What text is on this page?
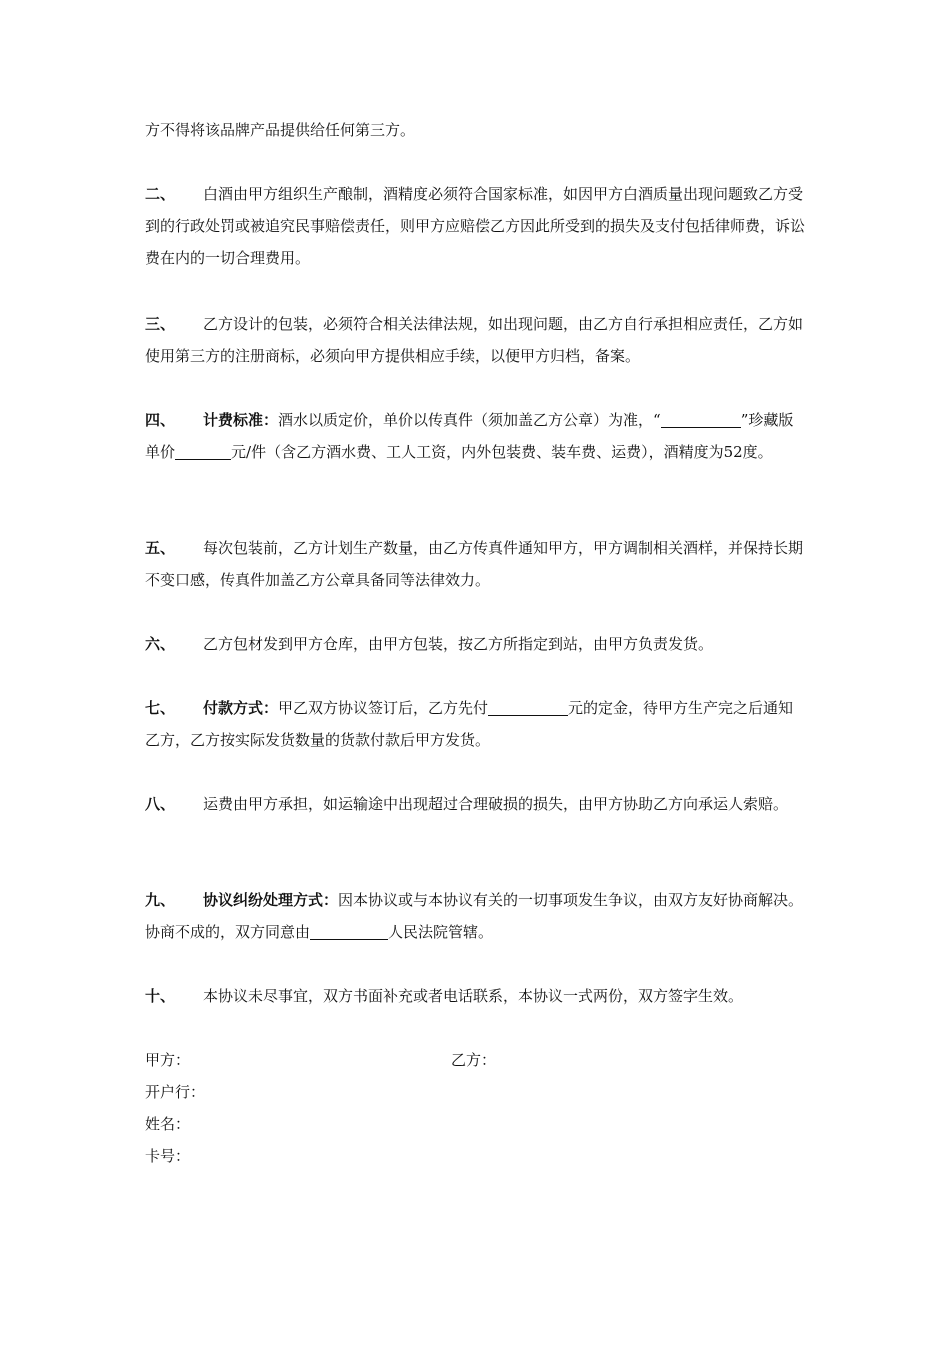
方不得将该品牌产品提供给任何第三方。
二、 白酒由甲方组织生产酿制，酒精度必须符合国家标准，如因甲方白酒质量出现问题致乙方受到的行政处罚或被追究民事赔偿责任，则甲方应赔偿乙方因此所受到的损失及支付包括律师费，诉讼费在内的一切合理费用。
三、 乙方设计的包装，必须符合相关法律法规，如出现问题，由乙方自行承担相应责任，乙方如使用第三方的注册商标，必须向甲方提供相应手续，以便甲方归档，备案。
四、 计费标准：酒水以质定价，单价以传真件（须加盖乙方公章）为准，“	”珍藏版单价	元/件（含乙方酒水费、工人工资，内外包装费、装车费、运费），酒精度为52度。
五、 每次包装前，乙方计划生产数量，由乙方传真件通知甲方，甲方调制相关酒样，并保持长期不变口感，传真件加盖乙方公章具备同等法律效力。
六、 乙方包材发到甲方仓库，由甲方包装，按乙方所指定到站，由甲方负责发货。
七、 付款方式：甲乙双方协议签订后，乙方先付	元的定金，待甲方生产完之后通知乙方，乙方按实际发货数量的货款付款后甲方发货。
八、 运费由甲方承担，如运输途中出现超过合理破损的损失，由甲方协助乙方向承运人索赔。
九、 协议纠纷处理方式：因本协议或与本协议有关的一切事项发生争议，由双方友好协商解决。协商不成的，双方同意由	人民法院管辖。
十、 本协议未尽事宜，双方书面补充或者电话联系，本协议一式两份，双方签字生效。
甲方：	乙方：
开户行：
姓名：
卡号：
